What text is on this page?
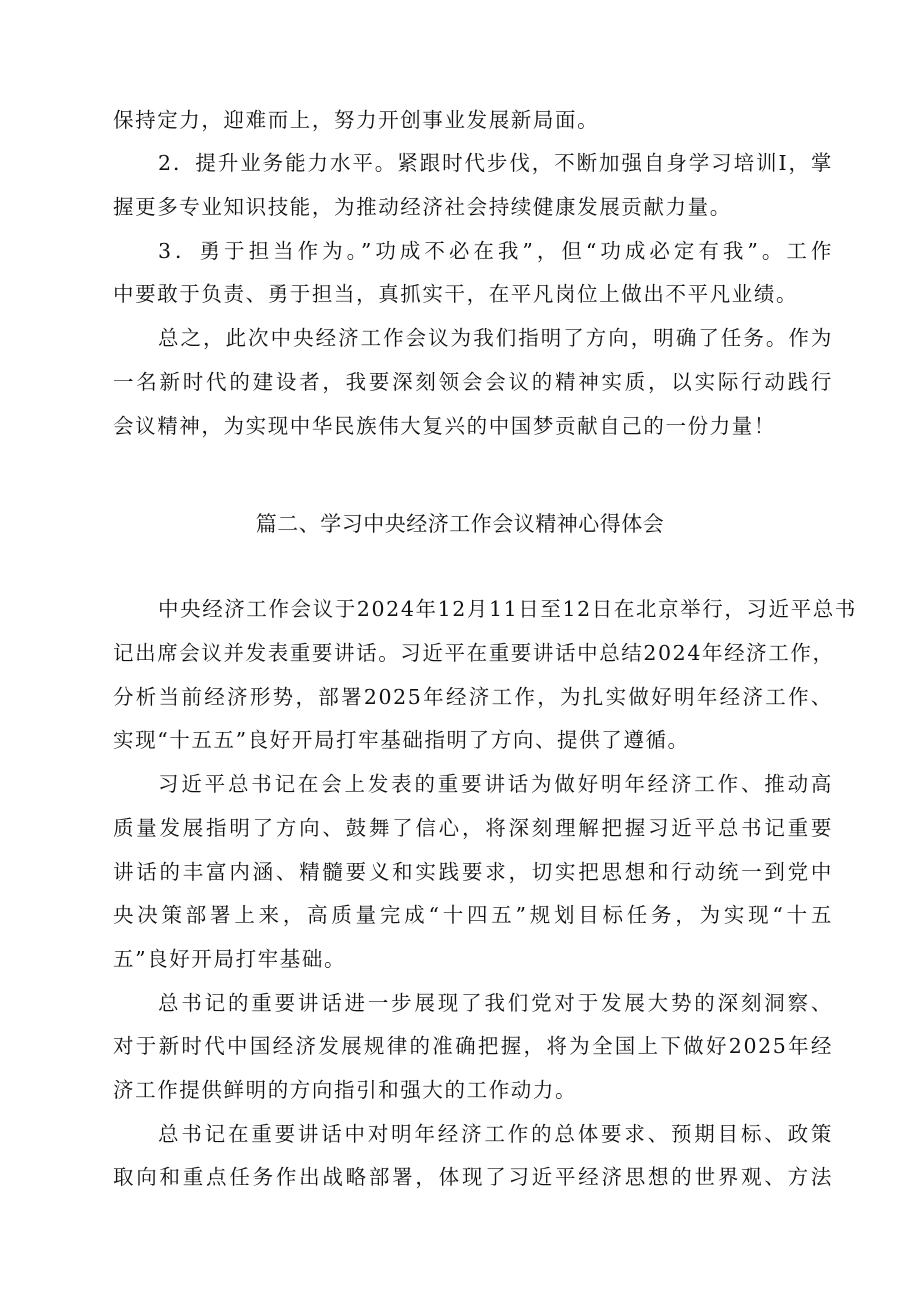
保持定力，迎难而上，努力开创事业发展新局面。
2．提升业务能力水平。紧跟时代步伐，不断加强自身学习培训I，掌
握更多专业知识技能，为推动经济社会持续健康发展贡献力量。
3．勇于担当作为。”功成不必在我”，但“功成必定有我”。工作
中要敢于负责、勇于担当，真抓实干，在平凡岗位上做出不平凡业绩。
总之，此次中央经济工作会议为我们指明了方向，明确了任务。作为
一名新时代的建设者，我要深刻领会会议的精神实质，以实际行动践行
会议精神，为实现中华民族伟大复兴的中国梦贡献自己的一份力量！
篇二、学习中央经济工作会议精神心得体会
中央经济工作会议于2024年12月11日至12日在北京举行，习近平总书
记出席会议并发表重要讲话。习近平在重要讲话中总结2024年经济工作，
分析当前经济形势，部署2025年经济工作，为扎实做好明年经济工作、
实现“十五五”良好开局打牢基础指明了方向、提供了遵循。
习近平总书记在会上发表的重要讲话为做好明年经济工作、推动高
质量发展指明了方向、鼓舞了信心，将深刻理解把握习近平总书记重要
讲话的丰富内涵、精髓要义和实践要求，切实把思想和行动统一到党中
央决策部署上来，高质量完成“十四五”规划目标任务，为实现“十五
五”良好开局打牢基础。
总书记的重要讲话进一步展现了我们党对于发展大势的深刻洞察、
对于新时代中国经济发展规律的准确把握，将为全国上下做好2025年经
济工作提供鲜明的方向指引和强大的工作动力。
总书记在重要讲话中对明年经济工作的总体要求、预期目标、政策
取向和重点任务作出战略部署，体现了习近平经济思想的世界观、方法
